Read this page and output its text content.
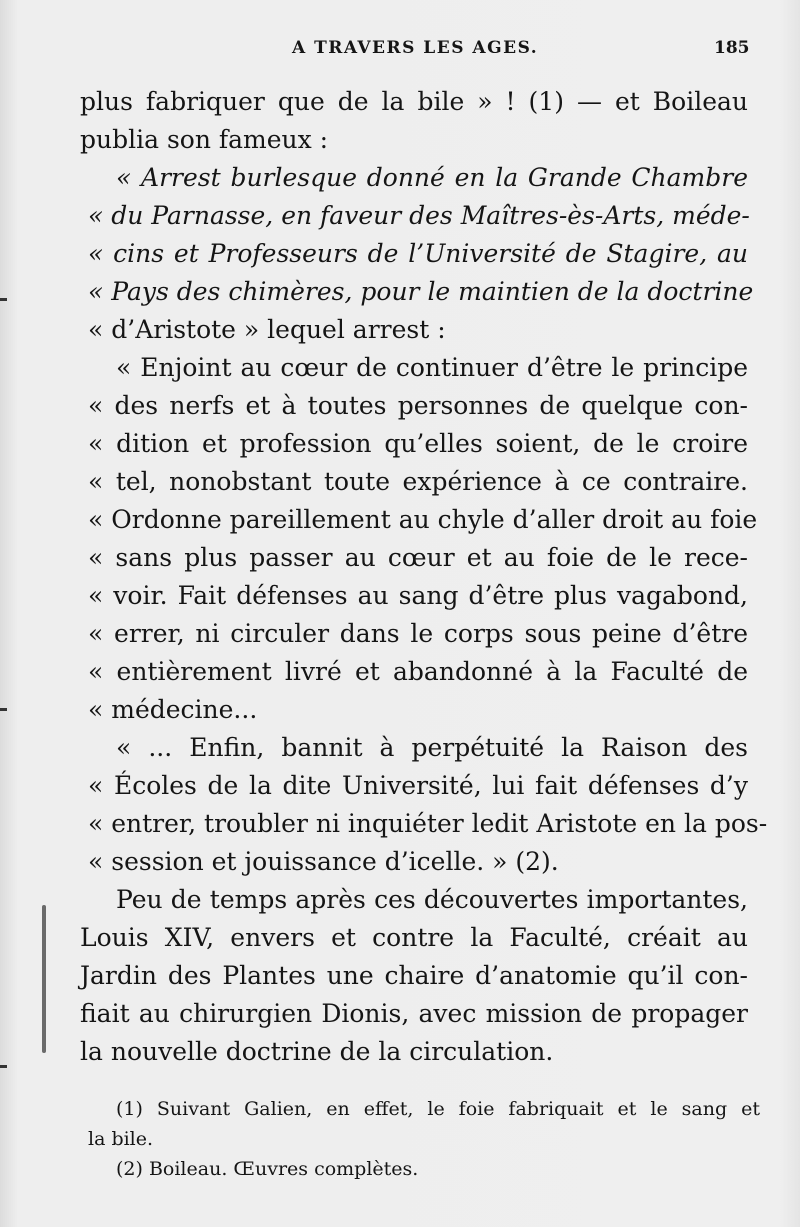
A TRAVERS LES AGES.	185
plus fabriquer que de la bile » ! (1) — et Boileau
publia son fameux :
« Arrest burlesque donné en la Grande Chambre
« du Parnasse, en faveur des Maîtres-ès-Arts, méde-
« cins et Professeurs de l’Université de Stagire, au
« Pays des chimères, pour le maintien de la doctrine
« d’Aristote » lequel arrest :
« Enjoint au cœur de continuer d’être le principe
« des nerfs et à toutes personnes de quelque con-
« dition et profession qu’elles soient, de le croire
« tel, nonobstant toute expérience à ce contraire.
« Ordonne pareillement au chyle d’aller droit au foie
« sans plus passer au cœur et au foie de le rece-
« voir. Fait défenses au sang d’être plus vagabond,
« errer, ni circuler dans le corps sous peine d’être
« entièrement livré et abandonné à la Faculté de
« médecine...
« ... Enfin, bannit à perpétuité la Raison des
« Écoles de la dite Université, lui fait défenses d’y
« entrer, troubler ni inquiéter ledit Aristote en la pos-
« session et jouissance d’icelle. » (2).
Peu de temps après ces découvertes importantes,
Louis XIV, envers et contre la Faculté, créait au
Jardin des Plantes une chaire d’anatomie qu’il con-
fiait au chirurgien Dionis, avec mission de propager
la nouvelle doctrine de la circulation.
(1) Suivant Galien, en effet, le foie fabriquait et le sang et
la bile.
(2) Boileau. Œuvres complètes.
